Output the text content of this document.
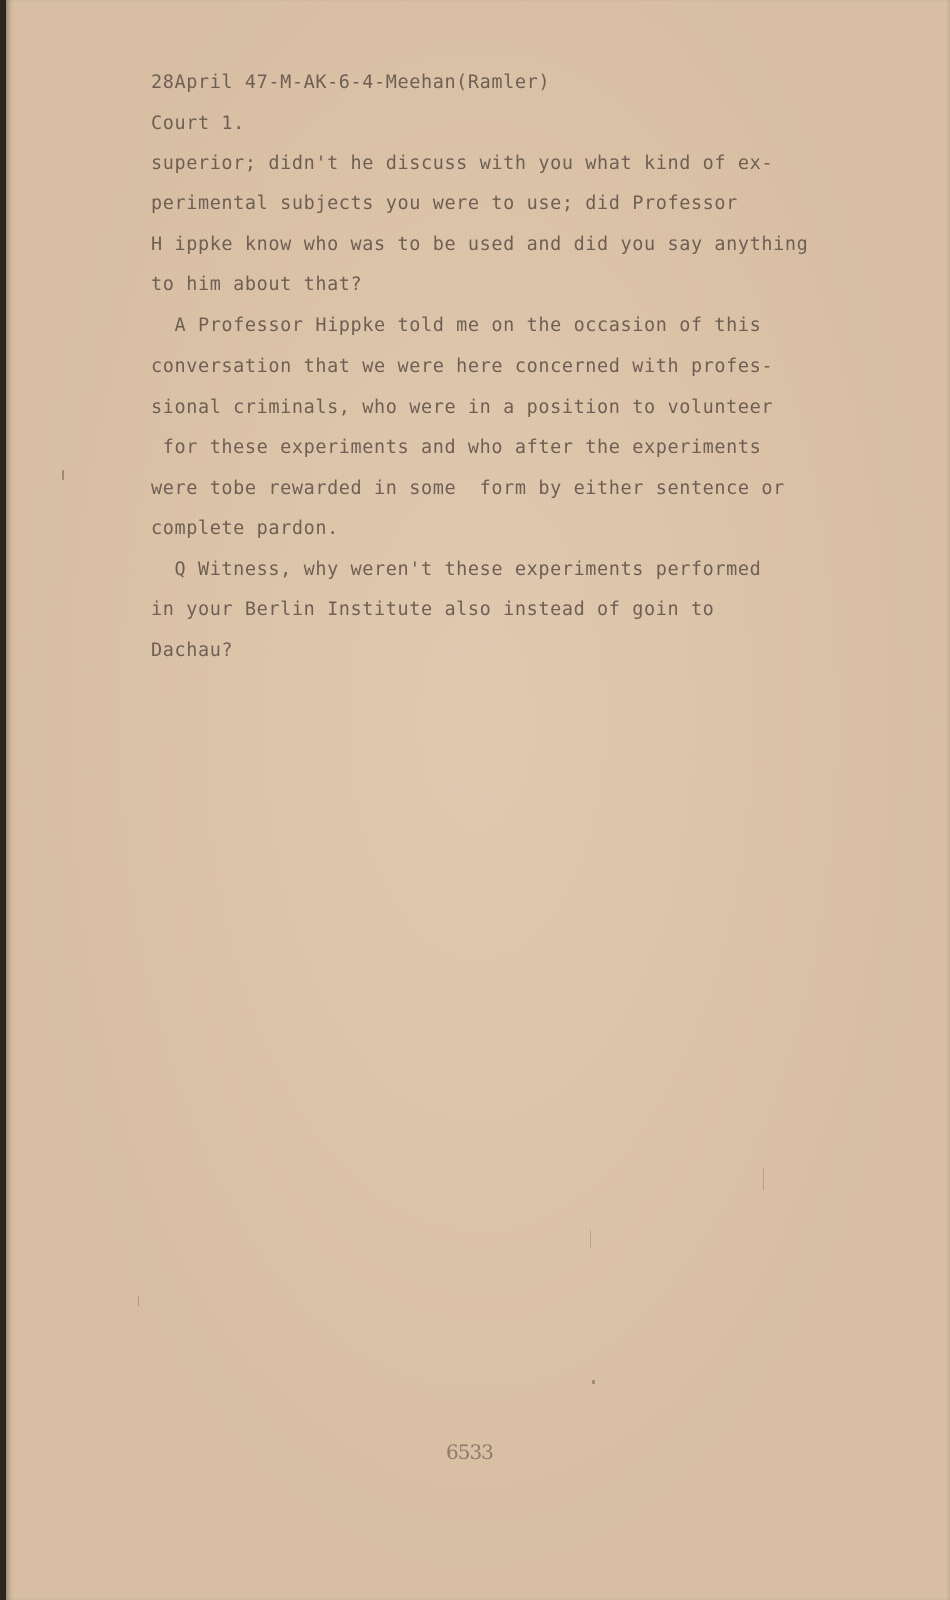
28April 47-M-AK-6-4-Meehan(Ramler)
Court 1.
superior; didn't he discuss with you what kind of ex-
perimental subjects you were to use; did Professor
H ippke know who was to be used and did you say anything
to him about that?
A Professor Hippke told me on the occasion of this
conversation that we were here concerned with profes-
sional criminals, who were in a position to volunteer
for these experiments and who after the experiments
were tobe rewarded in some  form by either sentence or
complete pardon.
Q Witness, why weren't these experiments performed
in your Berlin Institute also instead of goin to
Dachau?
6533
